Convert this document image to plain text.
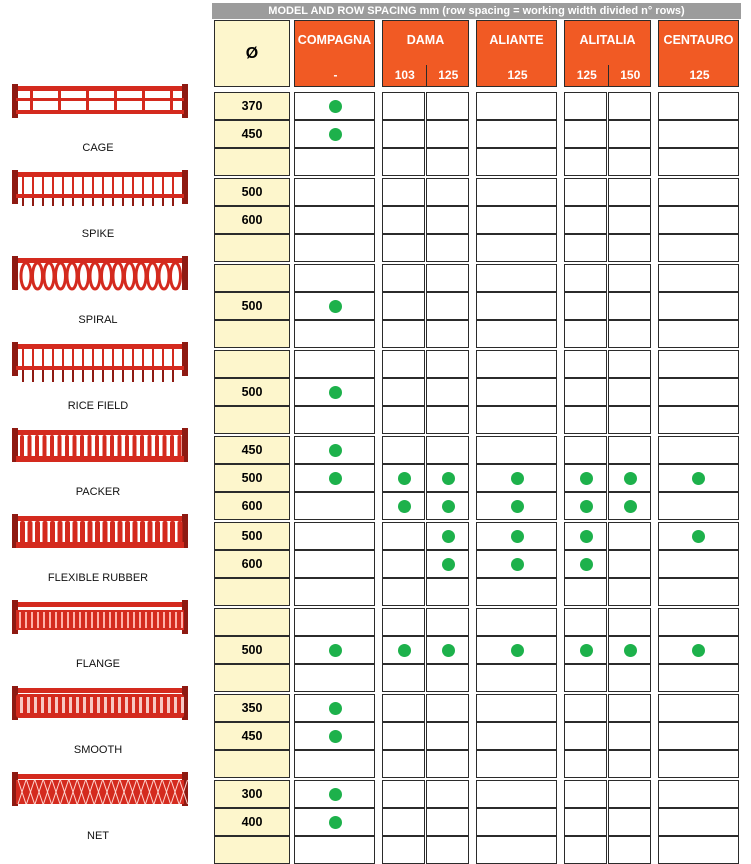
MODEL AND ROW SPACING mm (row spacing = working width divided n° rows)
Ø
COMPAGNA
-
DAMA
103	125
ALIANTE
125
ALITALIA
125	150
CENTAURO
125
CAGE
370
450
SPIKE
500
600
SPIRAL
500
RICE FIELD
500
PACKER
450
500
600
FLEXIBLE RUBBER
500
600
FLANGE
500
SMOOTH
350
450
NET
300
400
